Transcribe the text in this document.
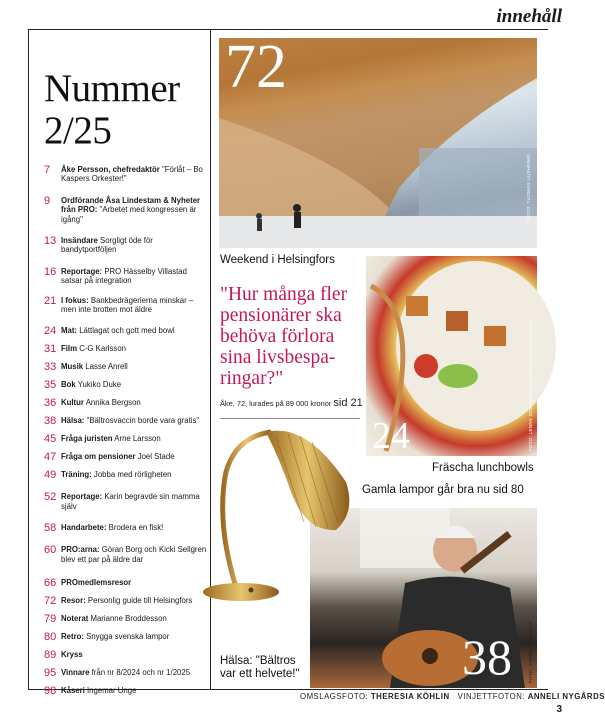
innehåll
Nummer
2/25
7	Åke Persson, chefredaktör "Förlåt – Bo Kaspers Orkester!"
9	Ordförande Åsa Lindestam & Nyheter från PRO: "Arbetet med kongressen är igång"
13 Insändare Sorgligt öde för bandytportföljen
16 Reportage: PRO Hässelby Villastad satsar på integration
21 I fokus: Bankbedrägerierna minskar – men inte brotten mot äldre
24 Mat: Lättlagat och gott med bowl
31 Film C-G Karlsson
33 Musik Lasse Anrell
35 Bok Yukiko Duke
36 Kultur Annika Bergson
38 Hälsa: "Bältrosvaccin borde vara gratis"
45 Fråga juristen Arne Larsson
47 Fråga om pensioner Joel Stade
49 Träning: Jobba med rörligheten
52 Reportage: Karin begravde sin mamma själv
58 Handarbete: Brodera en fisk!
60 PRO:arna: Göran Borg och Kicki Sellgren blev ett par på äldre dar
66 PROmedlemsresor
72 Resor: Personlig guide till Helsingfors
79 Noterat Marianne Broddesson
80 Retro: Snygga svenska lampor
89 Kryss
95 Vinnare från nr 8/2024 och nr 1/2025
98 Kåseri Ingemar Unge
72
FOTO: TUOMAS UUSHEIMO
Weekend i Helsingfors
24	FOTO: LENNY DOROWSKA/HAMMELSTILL/FOODSEEKZ
Fräscha lunchbowls
Gamla lampor går bra nu sid 80
"Hur många fler pensionärer ska behöva förlora sina livsbespa-ringar?"
Åke, 72, lurades på 89 000 kronor sid 21
38	FOTO: THERESIA KÖHLIN
Hälsa: "Bältros
var ett helvete!"
OMSLAGSFOTO: THERESIA KÖHLIN VINJETTFOTON: ANNELI NYGÅRDS
3
